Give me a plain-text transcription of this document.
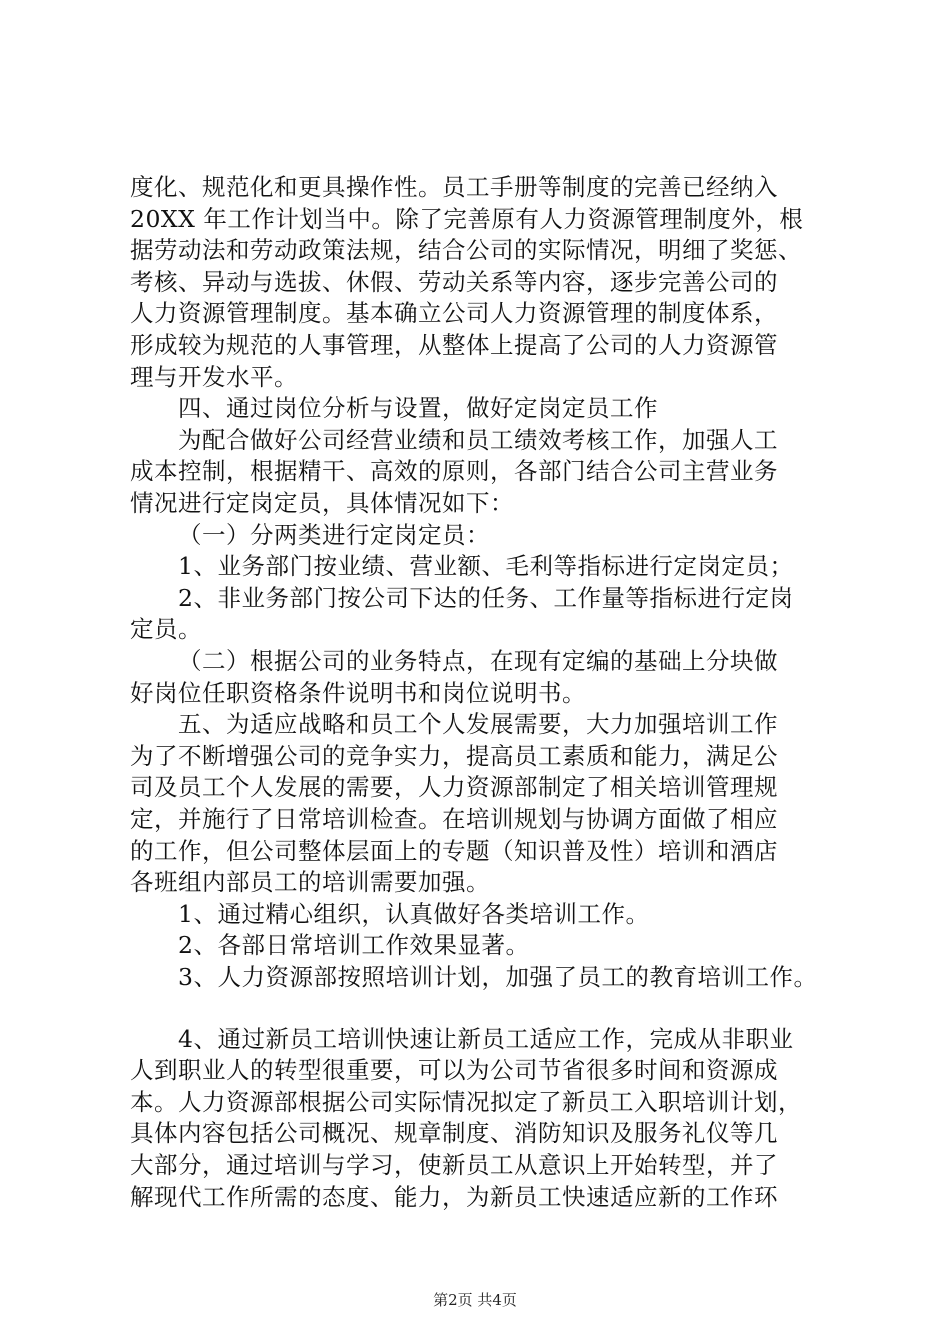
度化、规范化和更具操作性。员工手册等制度的完善已经纳入
20XX 年工作计划当中。除了完善原有人力资源管理制度外，根
据劳动法和劳动政策法规，结合公司的实际情况，明细了奖惩、
考核、异动与选拔、休假、劳动关系等内容，逐步完善公司的
人力资源管理制度。基本确立公司人力资源管理的制度体系，
形成较为规范的人事管理，从整体上提高了公司的人力资源管
理与开发水平。
四、通过岗位分析与设置，做好定岗定员工作
为配合做好公司经营业绩和员工绩效考核工作，加强人工
成本控制，根据精干、高效的原则，各部门结合公司主营业务
情况进行定岗定员，具体情况如下：
（一）分两类进行定岗定员：
1、业务部门按业绩、营业额、毛利等指标进行定岗定员；
2、非业务部门按公司下达的任务、工作量等指标进行定岗
定员。
（二）根据公司的业务特点，在现有定编的基础上分块做
好岗位任职资格条件说明书和岗位说明书。
五、为适应战略和员工个人发展需要，大力加强培训工作
为了不断增强公司的竞争实力，提高员工素质和能力，满足公
司及员工个人发展的需要，人力资源部制定了相关培训管理规
定，并施行了日常培训检查。在培训规划与协调方面做了相应
的工作，但公司整体层面上的专题（知识普及性）培训和酒店
各班组内部员工的培训需要加强。
1、通过精心组织，认真做好各类培训工作。
2、各部日常培训工作效果显著。
3、人力资源部按照培训计划，加强了员工的教育培训工作。
4、通过新员工培训快速让新员工适应工作，完成从非职业
人到职业人的转型很重要，可以为公司节省很多时间和资源成
本。人力资源部根据公司实际情况拟定了新员工入职培训计划，
具体内容包括公司概况、规章制度、消防知识及服务礼仪等几
大部分，通过培训与学习，使新员工从意识上开始转型，并了
解现代工作所需的态度、能力，为新员工快速适应新的工作环
第2页 共4页
